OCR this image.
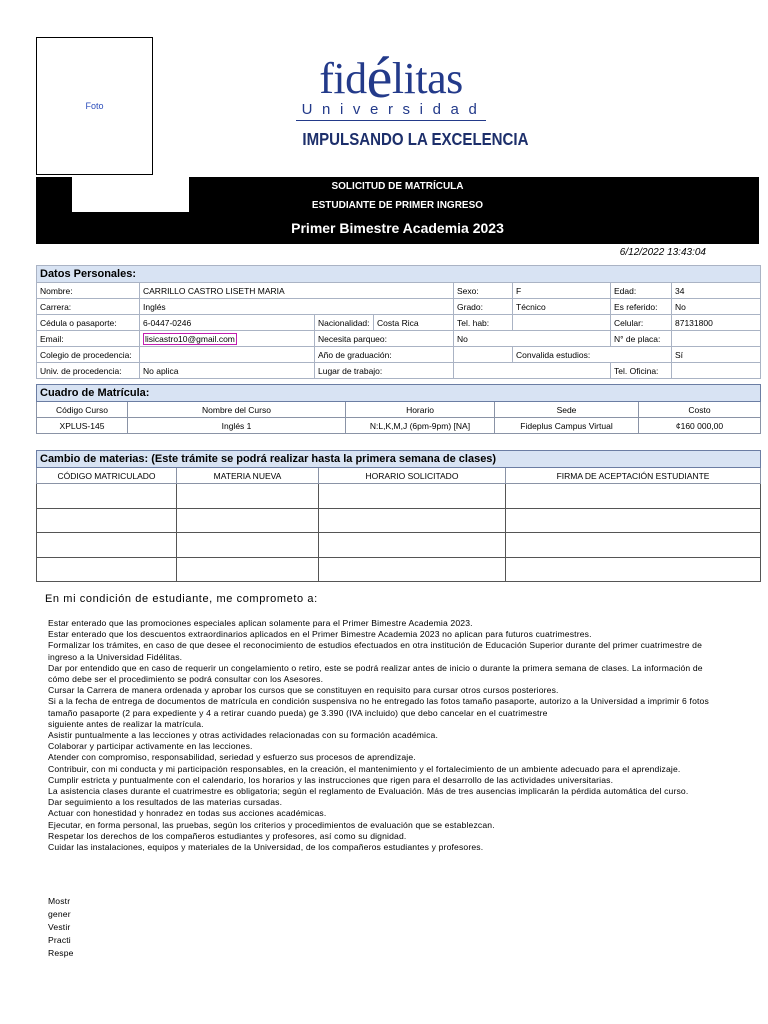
Foto
fidélitas
Universidad
IMPULSANDO LA EXCELENCIA
SOLICITUD DE MATRÍCULA
ESTUDIANTE DE PRIMER INGRESO
Primer Bimestre Academia 2023
6/12/2022 13:43:04
Datos Personales:							
Nombre:	CARRILLO CASTRO LISETH MARIA			Sexo:	F	Edad:	34
Carrera:	Inglés			Grado:	Técnico	Es referido:	No
Cédula o pasaporte:	6-0447-0246	Nacionalidad:	Costa Rica	Tel. hab:		Celular:	87131800
Email:	lisicastro10@gmail.com	Necesita parqueo:		No		N° de placa:	
Colegio de procedencia:		Año de graduación:			Convalida estudios:		Sí
Univ. de procedencia:	No aplica	Lugar de trabajo:				Tel. Oficina:	
Cuadro de Matrícula:				
Código Curso	Nombre del Curso	Horario	Sede	Costo
XPLUS-145	Inglés 1	N:L,K,M,J (6pm-9pm) [NA]	Fideplus Campus Virtual	¢160 000,00
Cambio de materias: (Este trámite se podrá realizar hasta la primera semana de clases)			
CÓDIGO MATRICULADO	MATERIA NUEVA	HORARIO SOLICITADO	FIRMA DE ACEPTACIÓN ESTUDIANTE

En mi condición de estudiante, me comprometo a:
Estar enterado que las promociones especiales aplican solamente para el Primer Bimestre Academia 2023.
Estar enterado que los descuentos extraordinarios aplicados en el Primer Bimestre Academia 2023 no aplican para futuros cuatrimestres.
Formalizar los trámites, en caso de que desee el reconocimiento de estudios efectuados en otra institución de Educación Superior durante del primer cuatrimestre de
ingreso a la Universidad Fidélitas.
Dar por entendido que en caso de requerir un congelamiento o retiro, este se podrá realizar antes de inicio o durante la primera semana de clases. La información de
cómo debe ser el procedimiento se podrá consultar con los Asesores.
Cursar la Carrera de manera ordenada y aprobar los cursos que se constituyen en requisito para cursar otros cursos posteriores.
Si a la fecha de entrega de documentos de matrícula en condición suspensiva no he entregado las fotos tamaño pasaporte, autorizo a la Universidad a imprimir 6 fotos
tamaño pasaporte (2 para expediente y 4 a retirar cuando pueda) ge 3.390 (IVA incluido) que debo cancelar en el cuatrimestre
siguiente antes de realizar la matrícula.
Asistir puntualmente a las lecciones y otras actividades relacionadas con su formación académica.
Colaborar y participar activamente en las lecciones.
Atender con compromiso, responsabilidad, seriedad y esfuerzo sus procesos de aprendizaje.
Contribuir, con mi conducta y mi participación responsables, en la creación, el mantenimiento y el fortalecimiento de un ambiente adecuado para el aprendizaje.
Cumplir estricta y puntualmente con el calendario, los horarios y las instrucciones que rigen para el desarrollo de las actividades universitarias.
La asistencia clases durante el cuatrimestre es obligatoria; según el reglamento de Evaluación. Más de tres ausencias implicarán la pérdida automática del curso.
Dar seguimiento a los resultados de las materias cursadas.
Actuar con honestidad y honradez en todas sus acciones académicas.
Ejecutar, en forma personal, las pruebas, según los criterios y procedimientos de evaluación que se establezcan.
Respetar los derechos de los compañeros estudiantes y profesores, así como su dignidad.
Cuidar las instalaciones, equipos y materiales de la Universidad, de los compañeros estudiantes y profesores.
Mostr
gener
Vestir
Practi
Respe
